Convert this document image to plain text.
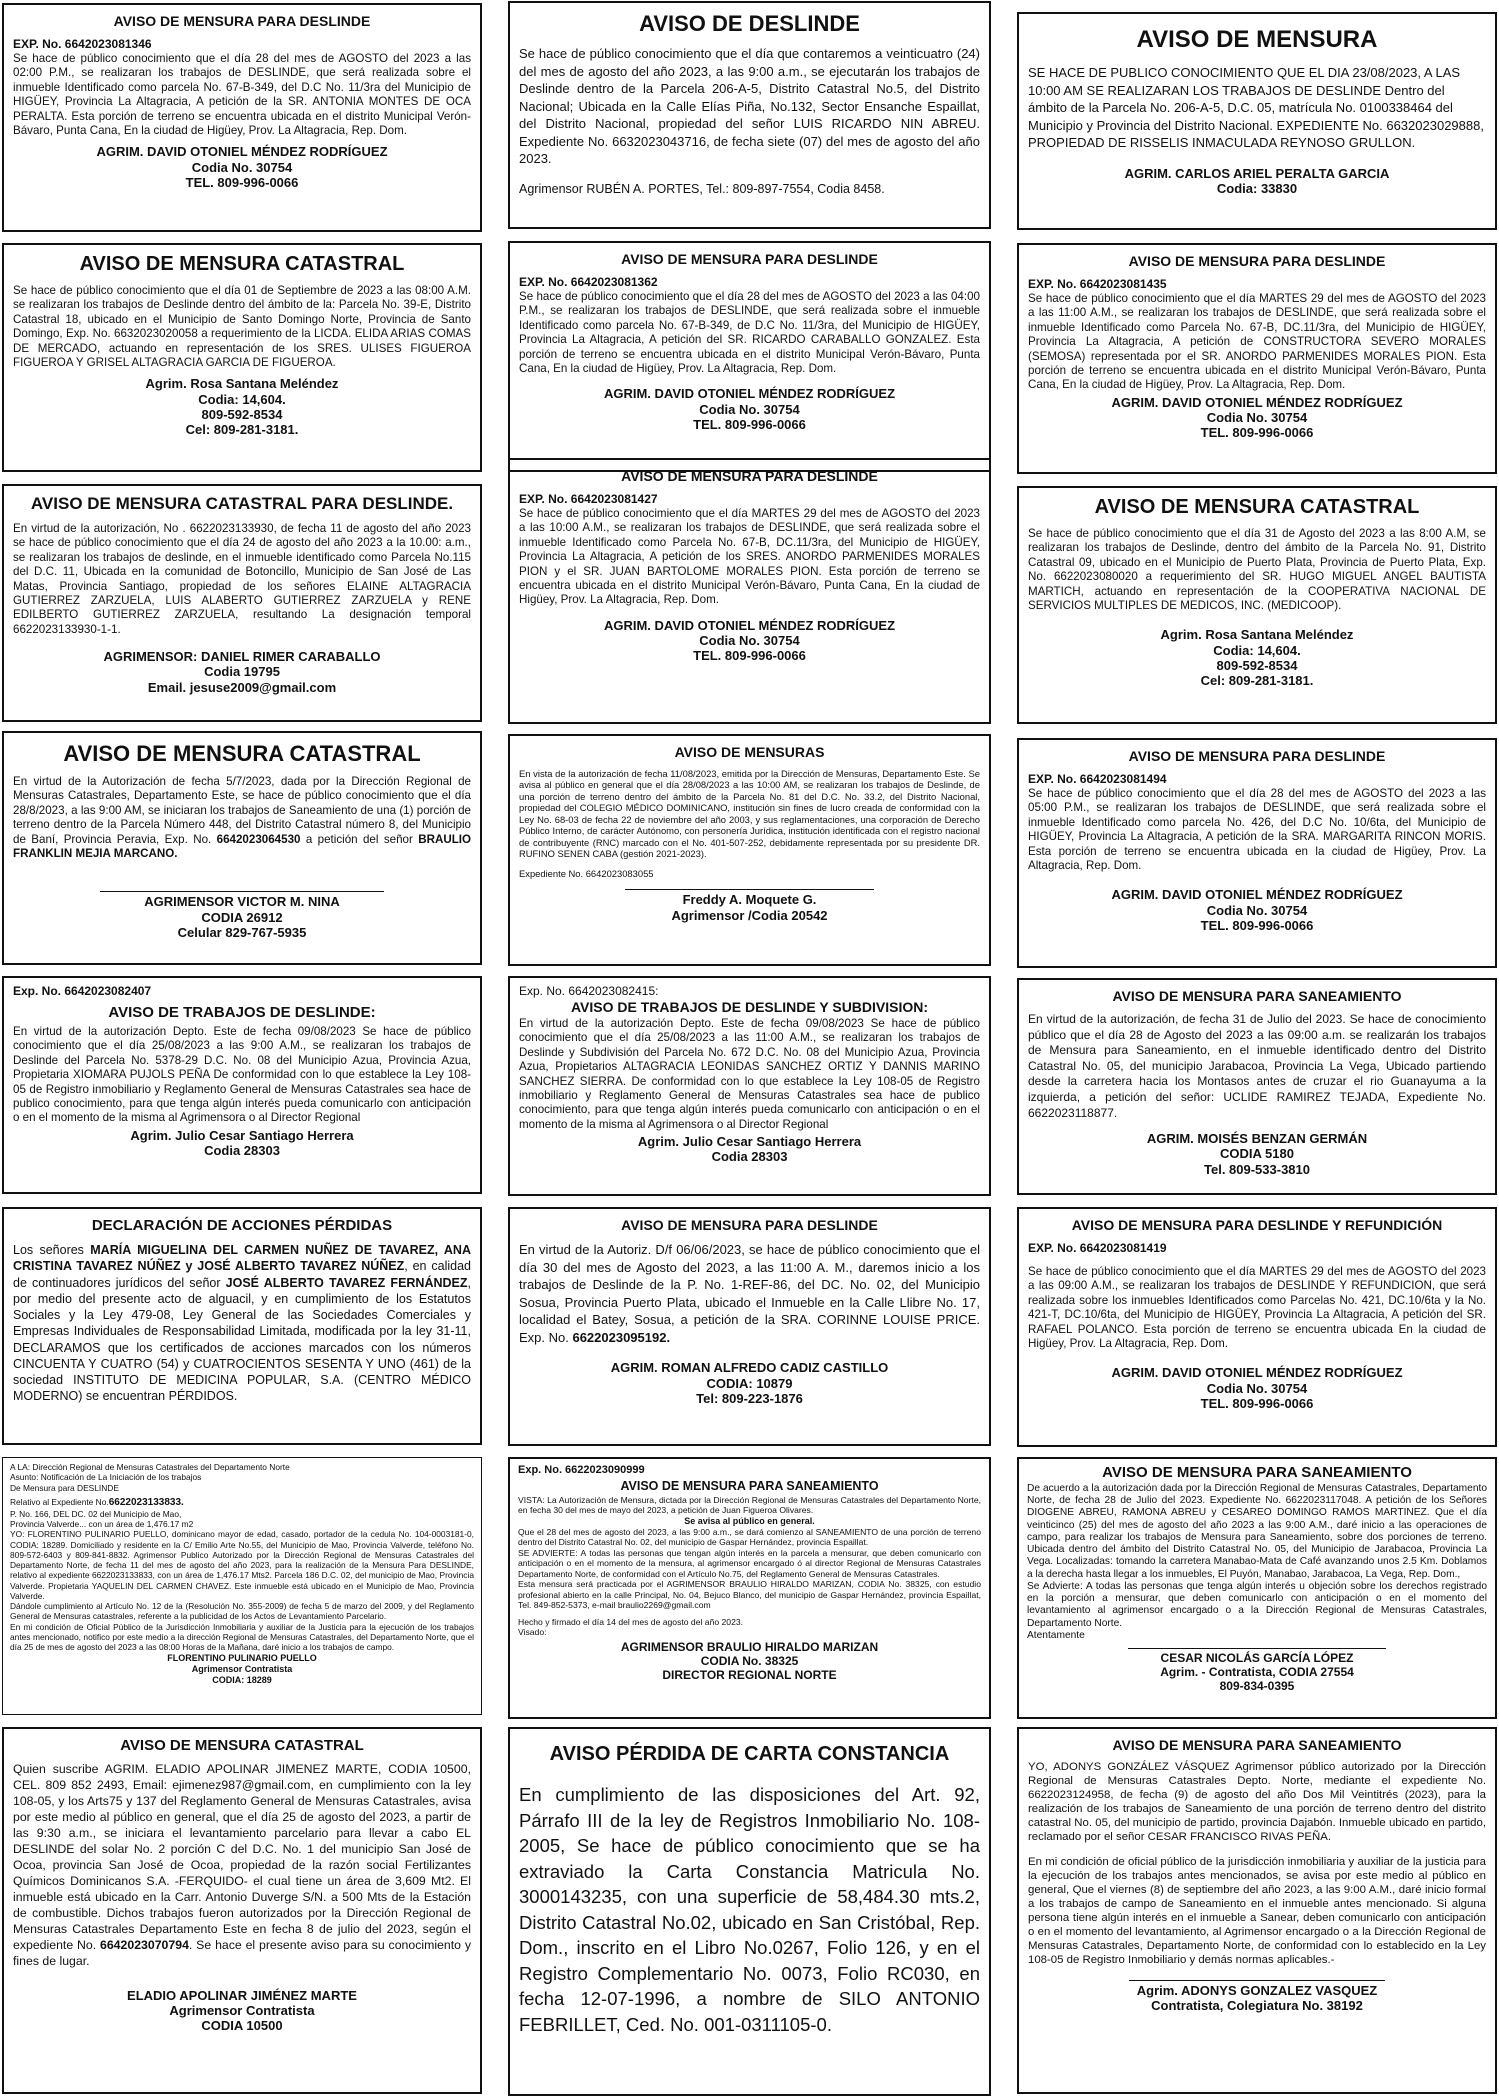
AVISO DE MENSURA PARA DESLINDE
EXP. No. 6642023081346

Se hace de público conocimiento que el día 28 del mes de AGOSTO del 2023 a las 02:00 P.M., se realizaran los trabajos de DESLINDE, que será realizada sobre el inmueble Identificado como parcela No. 67-B-349, del D.C No. 11/3ra del Municipio de HIGÜEY, Provincia La Altagracia, A petición de la SR. ANTONIA MONTES DE OCA PERALTA. Esta porción de terreno se encuentra ubicada en el distrito Municipal Verón-Bávaro, Punta Cana, En la ciudad de Higüey, Prov. La Altagracia, Rep. Dom.

AGRIM. DAVID OTONIEL MÉNDEZ RODRÍGUEZ
Codia No. 30754
TEL. 809-996-0066
AVISO DE MENSURA CATASTRAL

Se hace de público conocimiento que el día 01 de Septiembre de 2023 a las 08:00 A.M. se realizaran los trabajos de Deslinde dentro del ámbito de la: Parcela No. 39-E, Distrito Catastral 18, ubicado en el Municipio de Santo Domingo Norte, Provincia de Santo Domingo, Exp. No. 6632023020058 a requerimiento de la LICDA. ELIDA ARIAS COMAS DE MERCADO, actuando en representación de los SRES. ULISES FIGUEROA FIGUEROA Y GRISEL ALTAGRACIA GARCIA DE FIGUEROA.

Agrim. Rosa Santana Meléndez
Codia: 14,604.
809-592-8534
Cel: 809-281-3181.
AVISO DE MENSURA CATASTRAL PARA DESLINDE.

En virtud de la autorización, No . 6622023133930, de fecha 11 de agosto del año 2023 se hace de público conocimiento que el día 24 de agosto del año 2023 a la 10.00: a.m., se realizaran los trabajos de deslinde, en el inmueble identificado como Parcela No.115 del D.C. 11, Ubicada en la comunidad de Botoncillo, Municipio de San José de Las Matas, Provincia Santiago, propiedad de los señores ELAINE ALTAGRACIA GUTIERREZ ZARZUELA, LUIS ALABERTO GUTIERREZ ZARZUELA y RENE EDILBERTO GUTIERREZ ZARZUELA, resultando La designación temporal 6622023133930-1-1.

AGRIMENSOR: DANIEL RIMER CARABALLO
Codia 19795
Email. jesuse2009@gmail.com
AVISO DE MENSURA CATASTRAL

En virtud de la Autorización de fecha 5/7/2023, dada por la Dirección Regional de Mensuras Catastrales, Departamento Este, se hace de público conocimiento que el día 28/8/2023, a las 9:00 AM, se iniciaran los trabajos de Saneamiento de una (1) porción de terreno dentro de la Parcela Número 448, del Distrito Catastral número 8, del Municipio de Baní, Provincia Peravia, Exp. No. 6642023064530 a petición del señor BRAULIO FRANKLIN MEJIA MARCANO.

AGRIMENSOR VICTOR M. NINA
CODIA 26912
Celular 829-767-5935
Exp. No. 6642023082407
AVISO DE TRABAJOS DE DESLINDE:

En virtud de la autorización Depto. Este de fecha 09/08/2023 Se hace de público conocimiento que el día 25/08/2023 a las 9:00 A.M., se realizaran los trabajos de Deslinde del Parcela No. 5378-29 D.C. No. 08 del Municipio Azua, Provincia Azua, Propietaria XIOMARA PUJOLS PEÑA De conformidad con lo que establece la Ley 108-05 de Registro inmobiliario y Reglamento General de Mensuras Catastrales sea hace de publico conocimiento, para que tenga algún interés pueda comunicarlo con anticipación o en el momento de la misma al Agrimensora o al Director Regional

Agrim. Julio Cesar Santiago Herrera
Codia 28303
DECLARACIÓN DE ACCIONES PÉRDIDAS

Los señores MARÍA MIGUELINA DEL CARMEN NUÑEZ DE TAVAREZ, ANA CRISTINA TAVAREZ NÚÑEZ y JOSÉ ALBERTO TAVAREZ NÚÑEZ, en calidad de continuadores jurídicos del señor JOSÉ ALBERTO TAVAREZ FERNÁNDEZ, por medio del presente acto de alguacil, y en cumplimiento de los Estatutos Sociales y la Ley 479-08, Ley General de las Sociedades Comerciales y Empresas Individuales de Responsabilidad Limitada, modificada por la ley 31-11, DECLARAMOS que los certificados de acciones marcados con los números CINCUENTA Y CUATRO (54) y CUATROCIENTOS SESENTA Y UNO (461) de la sociedad INSTITUTO DE MEDICINA POPULAR, S.A. (CENTRO MÉDICO MODERNO) se encuentran PÉRDIDOS.

A LA: Dirección Regional de Mensuras Catastrales del Departamento Norte

Asunto: Notificación de La Iniciación de los trabajos

De Mensura para DESLINDE

Relativo al Expediente No.6622023133833.

P. No. 166, DEL DC. 02 del Municipio de Mao,

Provincia Valverde... con un área de 1,476.17 m2

YO: FLORENTINO PULINARIO PUELLO, dominicano mayor de edad, casado, portador de la cedula No. 104-0003181-0, CODIA: 18289. Domiciliado y residente en la C/ Emilio Arte No.55, del Municipio de Mao, Provincia Valverde, teléfono No. 809-572-6403 y 809-841-8832. Agrimensor Publico Autorizado por la Dirección Regional de Mensuras Catastrales del Departamento Norte, de fecha 11 del mes de agosto del año 2023, para la realización de la Mensura Para DESLINDE, relativo al expediente 6622023133833, con un área de 1,476.17 Mts2. Parcela 186 D.C. 02, del municipio de Mao, Provincia Valverde. Propietaria YAQUELIN DEL CARMEN CHAVEZ. Este inmueble está ubicado en el Municipio de Mao, Provincia Valverde.

Dándole cumplimiento al Artículo No. 12 de la (Resolución No. 355-2009) de fecha 5 de marzo del 2009, y del Reglamento General de Mensuras catastrales, referente a la publicidad de los Actos de Levantamiento Parcelario.

En mi condición de Oficial Público de la Jurisdicción Inmobiliaria y auxiliar de la Justicia para la ejecución de los trabajos antes mencionado, notifico por este medio a la dirección Regional de Mensuras Catastrales, del Departamento Norte, que el día 25 de mes de agosto del 2023 a las 08:00 Horas de la Mañana, daré inicio a los trabajos de campo.

FLORENTINO PULINARIO PUELLO
Agrimensor Contratista
CODIA: 18289
AVISO DE MENSURA CATASTRAL

Quien suscribe AGRIM. ELADIO APOLINAR JIMENEZ MARTE, CODIA 10500, CEL. 809 852 2493, Email: ejimenez987@gmail.com, en cumplimiento con la ley 108-05, y los Arts75 y 137 del Reglamento General de Mensuras Catastrales, avisa por este medio al público en general, que el día 25 de agosto del 2023, a partir de las 9:30 a.m., se iniciara el levantamiento parcelario para llevar a cabo EL DESLINDE del solar No. 2 porción C del D.C. No. 1 del municipio San José de Ocoa, provincia San José de Ocoa, propiedad de la razón social Fertilizantes Químicos Dominicanos S.A. -FERQUIDO- el cual tiene un área de 3,609 Mt2. El inmueble está ubicado en la Carr. Antonio Duverge S/N. a 500 Mts de la Estación de combustible. Dichos trabajos fueron autorizados por la Dirección Regional de Mensuras Catastrales Departamento Este en fecha 8 de julio del 2023, según el expediente No. 6642023070794. Se hace el presente aviso para su conocimiento y fines de lugar.

ELADIO APOLINAR JIMÉNEZ MARTE
Agrimensor Contratista
CODIA 10500
AVISO DE DESLINDE

Se hace de público conocimiento que el día que contaremos a veinticuatro (24) del mes de agosto del año 2023, a las 9:00 a.m., se ejecutarán los trabajos de Deslinde dentro de la Parcela 206-A-5, Distrito Catastral No.5, del Distrito Nacional; Ubicada en la Calle Elías Piña, No.132, Sector Ensanche Espaillat, del Distrito Nacional, propiedad del señor LUIS RICARDO NIN ABREU. Expediente No. 6632023043716, de fecha siete (07) del mes de agosto del año 2023.

Agrimensor RUBÉN A. PORTES, Tel.: 809-897-7554, Codia 8458.
AVISO DE MENSURA PARA DESLINDE
EXP. No. 6642023081362

Se hace de público conocimiento que el día 28 del mes de AGOSTO del 2023 a las 04:00 P.M., se realizaran los trabajos de DESLINDE, que será realizada sobre el inmueble Identificado como parcela No. 67-B-349, de D.C No. 11/3ra, del Municipio de HIGÜEY, Provincia La Altagracia, A petición del SR. RICARDO CARABALLO GONZALEZ. Esta porción de terreno se encuentra ubicada en el distrito Municipal Verón-Bávaro, Punta Cana, En la ciudad de Higüey, Prov. La Altagracia, Rep. Dom.

AGRIM. DAVID OTONIEL MÉNDEZ RODRÍGUEZ
Codia No. 30754
TEL. 809-996-0066
AVISO DE MENSURA PARA DESLINDE
EXP. No. 6642023081427

Se hace de público conocimiento que el día MARTES 29 del mes de AGOSTO del 2023 a las 10:00 A.M., se realizaran los trabajos de DESLINDE, que será realizada sobre el inmueble Identificado como Parcela No. 67-B, DC.11/3ra, del Municipio de HIGÜEY, Provincia La Altagracia, A petición de los SRES. ANORDO PARMENIDES MORALES PION y el SR. JUAN BARTOLOME MORALES PION. Esta porción de terreno se encuentra ubicada en el distrito Municipal Verón-Bávaro, Punta Cana, En la ciudad de Higüey, Prov. La Altagracia, Rep. Dom.

AGRIM. DAVID OTONIEL MÉNDEZ RODRÍGUEZ
Codia No. 30754
TEL. 809-996-0066
AVISO DE MENSURAS

En vista de la autorización de fecha 11/08/2023, emitida por la Dirección de Mensuras, Departamento Este. Se avisa al público en general que el día 28/08/2023 a las 10:00 AM, se realizaran los trabajos de Deslinde, de una porción de terreno dentro del ámbito de la Parcela No. 81 del D.C. No. 33.2, del Distrito Nacional, propiedad del COLEGIO MÉDICO DOMINICANO, institución sin fines de lucro creada de conformidad con la Ley No. 68-03 de fecha 22 de noviembre del año 2003, y sus reglamentaciones, una corporación de Derecho Público Interno, de carácter Autónomo, con personería Jurídica, institución identificada con el registro nacional de contribuyente (RNC) marcado con el No. 401-507-252, debidamente representada por su presidente DR. RUFINO SENEN CABA (gestión 2021-2023).

Expediente No. 6642023083055

Freddy A. Moquete G.
Agrimensor /Codia 20542
Exp. No. 6642023082415:
AVISO DE TRABAJOS DE DESLINDE Y SUBDIVISION:

En virtud de la autorización Depto. Este de fecha 09/08/2023 Se hace de público conocimiento que el día 25/08/2023 a las 11:00 A.M., se realizaran los trabajos de Deslinde y Subdivisión del Parcela No. 672 D.C. No. 08 del Municipio Azua, Provincia Azua, Propietarios ALTAGRACIA LEONIDAS SANCHEZ ORTIZ Y DANNIS MARINO SANCHEZ SIERRA. De conformidad con lo que establece la Ley 108-05 de Registro inmobiliario y Reglamento General de Mensuras Catastrales sea hace de publico conocimiento, para que tenga algún interés pueda comunicarlo con anticipación o en el momento de la misma al Agrimensora o al Director Regional

Agrim. Julio Cesar Santiago Herrera
Codia 28303
AVISO DE MENSURA PARA DESLINDE

En virtud de la Autoriz. D/f 06/06/2023, se hace de público conocimiento que el día 30 del mes de Agosto del 2023, a las 11:00 A. M., daremos inicio a los trabajos de Deslinde de la P. No. 1-REF-86, del DC. No. 02, del Municipio Sosua, Provincia Puerto Plata, ubicado el Inmueble en la Calle Llibre No. 17, localidad el Batey, Sosua, a petición de la SRA. CORINNE LOUISE PRICE. Exp. No. 6622023095192.

AGRIM. ROMAN ALFREDO CADIZ CASTILLO
CODIA: 10879
Tel: 809-223-1876
Exp. No. 6622023090999
AVISO DE MENSURA PARA SANEAMIENTO

VISTA: La Autorización de Mensura, dictada por la Dirección Regional de Mensuras Catastrales del Departamento Norte, en fecha 30 del mes de mayo del 2023, a petición de Juan Figueroa Olivares.

Se avisa al público en general.

Que el 28 del mes de agosto del 2023, a las 9:00 a.m., se dará comienzo al SANEAMIENTO de una porción de terreno dentro del Distrito Catastral No. 02, del municipio de Gaspar Hernández, provincia Espaillat.

SE ADVIERTE: A todas las personas que tengan algún interés en la parcela a mensurar, que deben comunicarlo con anticipación o en el momento de la mensura, al agrimensor encargado ó al director Regional de Mensuras Catastrales Departamento Norte, de conformidad con el Artículo No.75, del Reglamento General de Mensuras Catastrales.

Esta mensura será practicada por el AGRIMENSOR BRAULIO HIRALDO MARIZAN, CODIA No. 38325, con estudio profesional abierto en la calle Principal, No. 04, Bejuco Blanco, del municipio de Gaspar Hernández, provincia Espaillat, Tel. 849-852-5373, e-mail braulio2269@gmail.com

Hecho y firmado el día 14 del mes de agosto del año 2023.

Visado:

AGRIMENSOR BRAULIO HIRALDO MARIZAN
CODIA No. 38325
DIRECTOR REGIONAL NORTE
AVISO PÉRDIDA DE CARTA CONSTANCIA

En cumplimiento de las disposiciones del Art. 92, Párrafo III de la ley de Registros Inmobiliario No. 108-2005, Se hace de público conocimiento que se ha extraviado la Carta Constancia Matricula No. 3000143235, con una superficie de 58,484.30 mts.2, Distrito Catastral No.02, ubicado en San Cristóbal, Rep. Dom., inscrito en el Libro No.0267, Folio 126, y en el Registro Complementario No. 0073, Folio RC030, en fecha 12-07-1996, a nombre de SILO ANTONIO FEBRILLET, Ced. No. 001-0311105-0.

AVISO DE MENSURA

SE HACE DE PUBLICO CONOCIMIENTO QUE EL DIA 23/08/2023, A LAS 10:00 AM SE REALIZARAN LOS TRABAJOS DE DESLINDE Dentro del ámbito de la Parcela No. 206-A-5, D.C. 05, matrícula No. 0100338464 del Municipio y Provincia del Distrito Nacional. EXPEDIENTE No. 6632023029888, PROPIEDAD DE RISSELIS INMACULADA REYNOSO GRULLON.

AGRIM. CARLOS ARIEL PERALTA GARCIA
Codia: 33830
AVISO DE MENSURA PARA DESLINDE
EXP. No. 6642023081435

Se hace de público conocimiento que el día MARTES 29 del mes de AGOSTO del 2023 a las 11:00 A.M., se realizaran los trabajos de DESLINDE, que será realizada sobre el inmueble Identificado como Parcela No. 67-B, DC.11/3ra, del Municipio de HIGÜEY, Provincia La Altagracia, A petición de CONSTRUCTORA SEVERO MORALES (SEMOSA) representada por el SR. ANORDO PARMENIDES MORALES PION. Esta porción de terreno se encuentra ubicada en el distrito Municipal Verón-Bávaro, Punta Cana, En la ciudad de Higüey, Prov. La Altagracia, Rep. Dom.

AGRIM. DAVID OTONIEL MÉNDEZ RODRÍGUEZ
Codia No. 30754
TEL. 809-996-0066
AVISO DE MENSURA CATASTRAL

Se hace de público conocimiento que el día 31 de Agosto del 2023 a las 8:00 A.M, se realizaran los trabajos de Deslinde, dentro del ámbito de la Parcela No. 91, Distrito Catastral 09, ubicado en el Municipio de Puerto Plata, Provincia de Puerto Plata, Exp. No. 6622023080020 a requerimiento del SR. HUGO MIGUEL ANGEL BAUTISTA MARTICH, actuando en representación de la COOPERATIVA NACIONAL DE SERVICIOS MULTIPLES DE MEDICOS, INC. (MEDICOOP).

Agrim. Rosa Santana Meléndez
Codia: 14,604.
809-592-8534
Cel: 809-281-3181.
AVISO DE MENSURA PARA DESLINDE
EXP. No. 6642023081494

Se hace de público conocimiento que el día 28 del mes de AGOSTO del 2023 a las 05:00 P.M., se realizaran los trabajos de DESLINDE, que será realizada sobre el inmueble Identificado como parcela No. 426, del D.C No. 10/6ta, del Municipio de HIGÜEY, Provincia La Altagracia, A petición de la SRA. MARGARITA RINCON MORIS. Esta porción de terreno se encuentra ubicada en la ciudad de Higüey, Prov. La Altagracia, Rep. Dom.

AGRIM. DAVID OTONIEL MÉNDEZ RODRÍGUEZ
Codia No. 30754
TEL. 809-996-0066
AVISO DE MENSURA PARA SANEAMIENTO

En virtud de la autorización, de fecha 31 de Julio del 2023. Se hace de conocimiento público que el día 28 de Agosto del 2023 a las 09:00 a.m. se realizarán los trabajos de Mensura para Saneamiento, en el inmueble identificado dentro del Distrito Catastral No. 05, del municipio Jarabacoa, Provincia La Vega, Ubicado partiendo desde la carretera hacia los Montasos antes de cruzar el rio Guanayuma a la izquierda, a petición del señor: UCLIDE RAMIREZ TEJADA, Expediente No. 6622023118877.

AGRIM. MOISÉS BENZAN GERMÁN
CODIA 5180
Tel. 809-533-3810
AVISO DE MENSURA PARA DESLINDE Y REFUNDICIÓN
EXP. No. 6642023081419

Se hace de público conocimiento que el día MARTES 29 del mes de AGOSTO del 2023 a las 09:00 A.M., se realizaran los trabajos de DESLINDE Y REFUNDICION, que será realizada sobre los inmuebles Identificados como Parcelas No. 421, DC.10/6ta y la No. 421-T, DC.10/6ta, del Municipio de HIGÜEY, Provincia La Altagracia, A petición del SR. RAFAEL POLANCO. Esta porción de terreno se encuentra ubicada En la ciudad de Higüey, Prov. La Altagracia, Rep. Dom.

AGRIM. DAVID OTONIEL MÉNDEZ RODRÍGUEZ
Codia No. 30754
TEL. 809-996-0066
AVISO DE MENSURA PARA SANEAMIENTO

De acuerdo a la autorización dada por la Dirección Regional de Mensuras Catastrales, Departamento Norte, de fecha 28 de Julio del 2023. Expediente No. 6622023117048. A petición de los Señores DIOGENE ABREU, RAMONA ABREU y CESAREO DOMINGO RAMOS MARTINEZ. Que el día veinticinco (25) del mes de agosto del año 2023 a las 9:00 A.M., daré inicio a las operaciones de campo, para realizar los trabajos de Mensura para Saneamiento, sobre dos porciones de terreno. Ubicada dentro del ámbito del Distrito Catastral No. 05, del Municipio de Jarabacoa, Provincia La Vega. Localizadas: tomando la carretera Manabao-Mata de Café avanzando unos 2.5 Km. Doblamos a la derecha hasta llegar a los inmuebles, El Puyón, Manabao, Jarabacoa, La Vega, Rep. Dom.,

Se Advierte: A todas las personas que tenga algún interés u objeción sobre los derechos registrado en la porción a mensurar, que deben comunicarlo con anticipación o en el momento del levantamiento al agrimensor encargado o a la Dirección Regional de Mensuras Catastrales, Departamento Norte.

Atentamente

CESAR NICOLÁS GARCÍA LÓPEZ
Agrim. - Contratista, CODIA 27554
809-834-0395
AVISO DE MENSURA PARA SANEAMIENTO

YO, ADONYS GONZÁLEZ VÁSQUEZ Agrimensor público autorizado por la Dirección Regional de Mensuras Catastrales Depto. Norte, mediante el expediente No. 6622023124958, de fecha (9) de agosto del año Dos Mil Veintitrés (2023), para la realización de los trabajos de Saneamiento de una porción de terreno dentro del distrito catastral No. 05, del municipio de partido, provincia Dajabón. Inmueble ubicado en partido, reclamado por el señor CESAR FRANCISCO RIVAS PEÑA.

En mi condición de oficial público de la jurisdicción inmobiliaria y auxiliar de la justicia para la ejecución de los trabajos antes mencionados, se avisa por este medio al público en general, Que el viernes (8) de septiembre del año 2023, a las 9:00 A.M., daré inicio formal a los trabajos de campo de Saneamiento en el inmueble antes mencionado. Si alguna persona tiene algún interés en el inmueble a Sanear, deben comunicarlo con anticipación o en el momento del levantamiento, al Agrimensor encargado o a la Dirección Regional de Mensuras Catastrales, Departamento Norte, de conformidad con lo establecido en la Ley 108-05 de Registro Inmobiliario y demás normas aplicables.-

Agrim. ADONYS GONZALEZ VASQUEZ
Contratista, Colegiatura No. 38192
